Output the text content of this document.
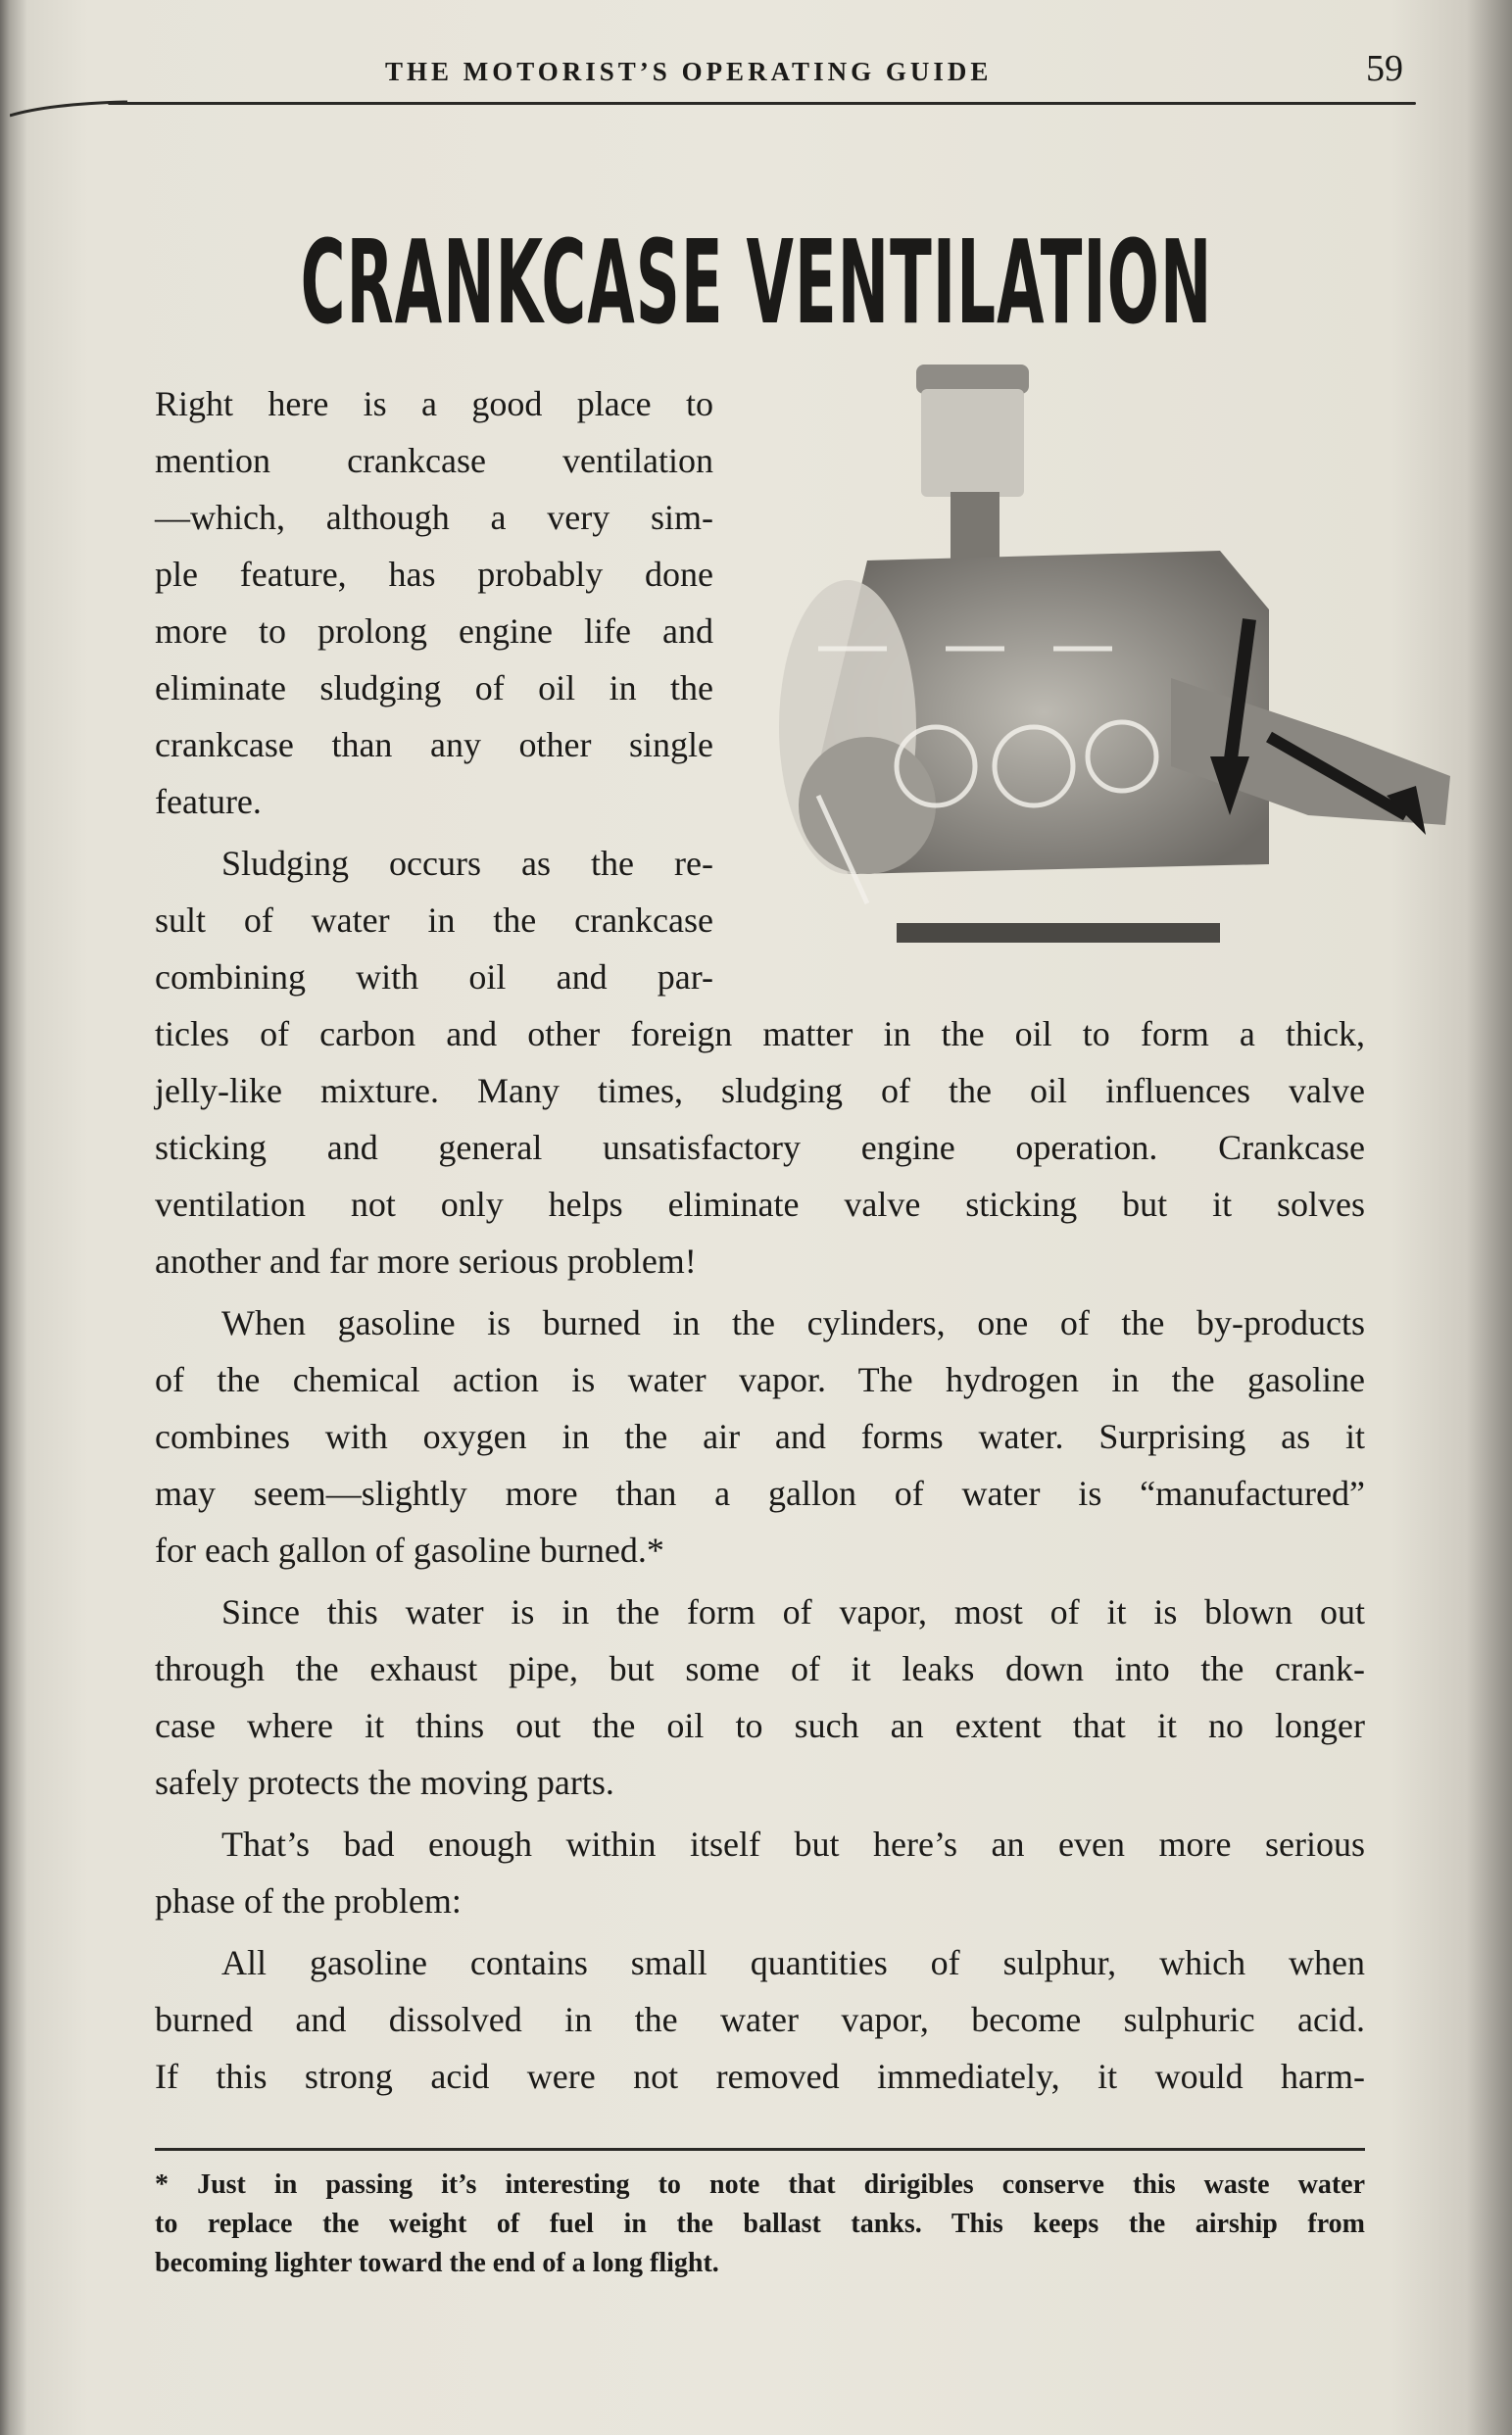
THE MOTORIST’S OPERATING GUIDE	59
CRANKCASE VENTILATION
Right here is a good place to
mention crankcase ventilation
—which, although a very sim-
ple feature, has probably done
more to prolong engine life and
eliminate sludging of oil in the
crankcase than any other single
feature.
Sludging occurs as the re-
sult of water in the crankcase
combining with oil and par-
ticles of carbon and other foreign matter in the oil to form a thick,
jelly-like mixture. Many times, sludging of the oil influences valve
sticking and general unsatisfactory engine operation. Crankcase
ventilation not only helps eliminate valve sticking but it solves
another and far more serious problem!
When gasoline is burned in the cylinders, one of the by-products
of the chemical action is water vapor. The hydrogen in the gasoline
combines with oxygen in the air and forms water. Surprising as it
may seem—slightly more than a gallon of water is “manufactured”
for each gallon of gasoline burned.*
Since this water is in the form of vapor, most of it is blown out
through the exhaust pipe, but some of it leaks down into the crank-
case where it thins out the oil to such an extent that it no longer
safely protects the moving parts.
That’s bad enough within itself but here’s an even more serious
phase of the problem:
All gasoline contains small quantities of sulphur, which when
burned and dissolved in the water vapor, become sulphuric acid.
If this strong acid were not removed immediately, it would harm-
* Just in passing it’s interesting to note that dirigibles conserve this waste water
to replace the weight of fuel in the ballast tanks. This keeps the airship from
becoming lighter toward the end of a long flight.
